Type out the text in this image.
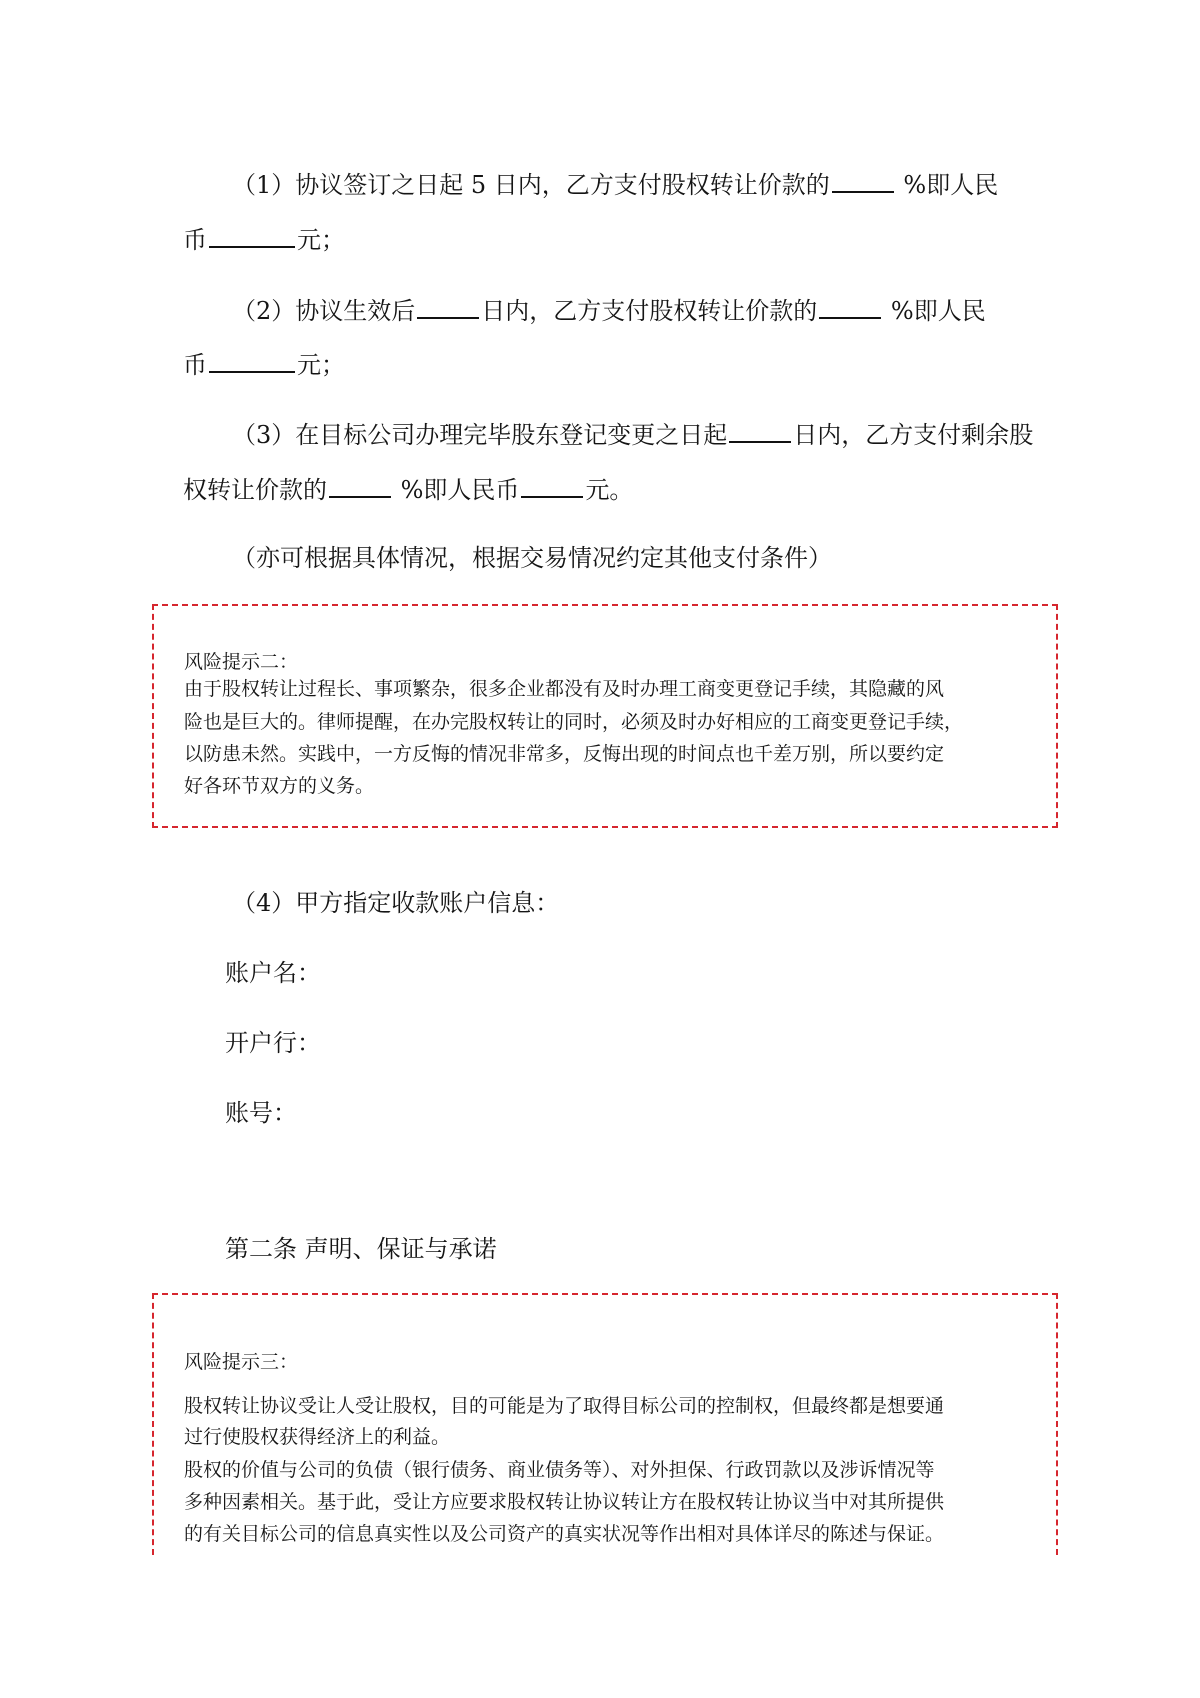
（1）协议签订之日起 5 日内，乙方支付股权转让价款的	%即人民
币	元；
（2）协议生效后	日内，乙方支付股权转让价款的	%即人民
币	元；
（3）在目标公司办理完毕股东登记变更之日起	日内，乙方支付剩余股
权转让价款的	%即人民币	元。
（亦可根据具体情况，根据交易情况约定其他支付条件）
风险提示二：
由于股权转让过程长、事项繁杂，很多企业都没有及时办理工商变更登记手续，其隐藏的风
险也是巨大的。律师提醒，在办完股权转让的同时，必须及时办好相应的工商变更登记手续，
以防患未然。实践中，一方反悔的情况非常多，反悔出现的时间点也千差万别，所以要约定
好各环节双方的义务。
（4）甲方指定收款账户信息：
账户名：
开户行：
账号：
第二条 声明、保证与承诺
风险提示三：
股权转让协议受让人受让股权，目的可能是为了取得目标公司的控制权，但最终都是想要通
过行使股权获得经济上的利益。
股权的价值与公司的负债（银行债务、商业债务等）、对外担保、行政罚款以及涉诉情况等
多种因素相关。基于此，受让方应要求股权转让协议转让方在股权转让协议当中对其所提供
的有关目标公司的信息真实性以及公司资产的真实状况等作出相对具体详尽的陈述与保证。
